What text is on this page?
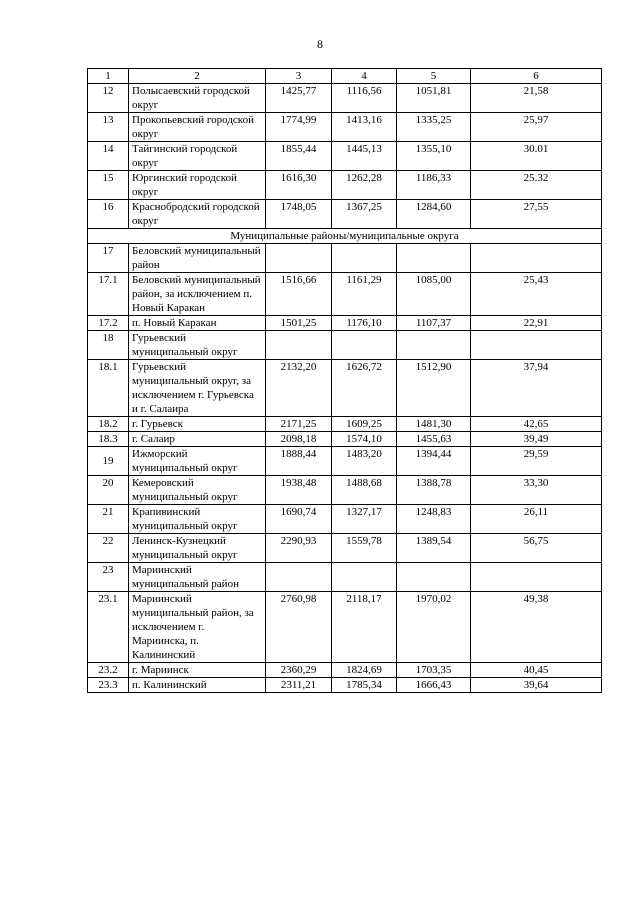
8
1	2	3	4	5	6
12	Полысаевский городской округ	1425,77	1116,56	1051,81	21,58
13	Прокопьевский городской округ	1774,99	1413,16	1335,25	25,97
14	Тайгинский городской округ	1855,44	1445,13	1355,10	30.01
15	Юргинский городской округ	1616,30	1262,28	1186,33	25.32
16	Краснобродский городской округ	1748,05	1367,25	1284,60	27,55
Муниципальные районы/муниципальные округа					
17	Беловский муниципальный район				
17.1	Беловский муниципальный район, за исключением п. Новый Каракан	1516,66	1161,29	1085,00	25,43
17.2	п. Новый Каракан	1501,25	1176,10	1107,37	22,91
18	Гурьевский муниципальный округ				
18.1	Гурьевский муниципальный округ, за исключением г. Гурьевска и г. Салаира	2132,20	1626,72	1512,90	37,94
18.2	г. Гурьевск	2171,25	1609,25	1481,30	42,65
18.3	г. Салаир	2098,18	1574,10	1455,63	39,49
19	Ижморский муниципальный округ	1888,44	1483,20	1394,44	29,59
20	Кемеровский муниципальный округ	1938,48	1488,68	1388,78	33,30
21	Крапивинский муниципальный округ	1690,74	1327,17	1248,83	26,11
22	Ленинск-Кузнецкий муниципальный округ	2290,93	1559,78	1389,54	56,75
23	Мариинский муниципальный район				
23.1	Мариинский муниципальный район, за исключением г. Мариинска, п. Калининский	2760,98	2118,17	1970,02	49,38
23.2	г. Мариинск	2360,29	1824,69	1703,35	40,45
23.3	п. Калининский	2311,21	1785,34	1666,43	39,64
